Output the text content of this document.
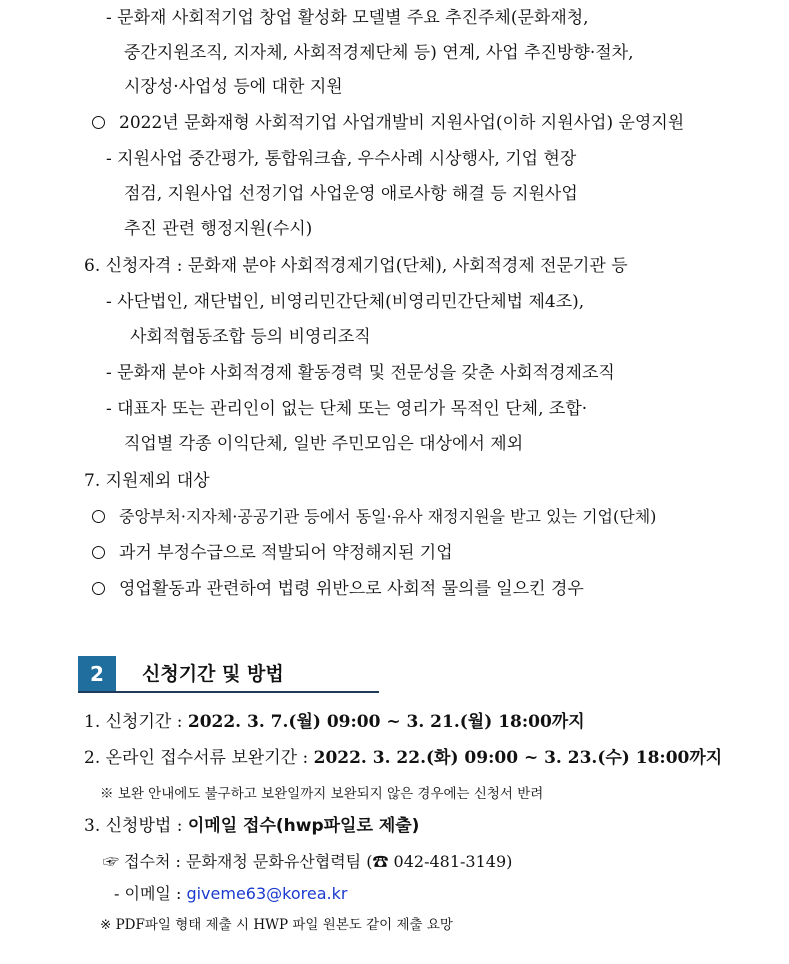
- 문화재 사회적기업 창업 활성화 모델별 주요 추진주체(문화재청,
중간지원조직, 지자체, 사회적경제단체 등) 연계, 사업 추진방향·절차,
시장성·사업성 등에 대한 지원
2022년 문화재형 사회적기업 사업개발비 지원사업(이하 지원사업) 운영지원
- 지원사업 중간평가, 통합워크숍, 우수사례 시상행사, 기업 현장
점검, 지원사업 선정기업 사업운영 애로사항 해결 등 지원사업
추진 관련 행정지원(수시)
6. 신청자격 : 문화재 분야 사회적경제기업(단체), 사회적경제 전문기관 등
- 사단법인, 재단법인, 비영리민간단체(비영리민간단체법 제4조),
사회적협동조합 등의 비영리조직
- 문화재 분야 사회적경제 활동경력 및 전문성을 갖춘 사회적경제조직
- 대표자 또는 관리인이 없는 단체 또는 영리가 목적인 단체, 조합·
직업별 각종 이익단체, 일반 주민모임은 대상에서 제외
7. 지원제외 대상
중앙부처·지자체·공공기관 등에서 동일·유사 재정지원을 받고 있는 기업(단체)
과거 부정수급으로 적발되어 약정해지된 기업
영업활동과 관련하여 법령 위반으로 사회적 물의를 일으킨 경우
2	신청기간 및 방법
1. 신청기간 : 2022. 3. 7.(월) 09:00 ~ 3. 21.(월) 18:00까지
2. 온라인 접수서류 보완기간 : 2022. 3. 22.(화) 09:00 ~ 3. 23.(수) 18:00까지
※ 보완 안내에도 불구하고 보완일까지 보완되지 않은 경우에는 신청서 반려
3. 신청방법 : 이메일 접수(hwp파일로 제출)
☞ 접수처 : 문화재청 문화유산협력팀 (☎ 042-481-3149)
- 이메일 : giveme63@korea.kr
※ PDF파일 형태 제출 시 HWP 파일 원본도 같이 제출 요망
